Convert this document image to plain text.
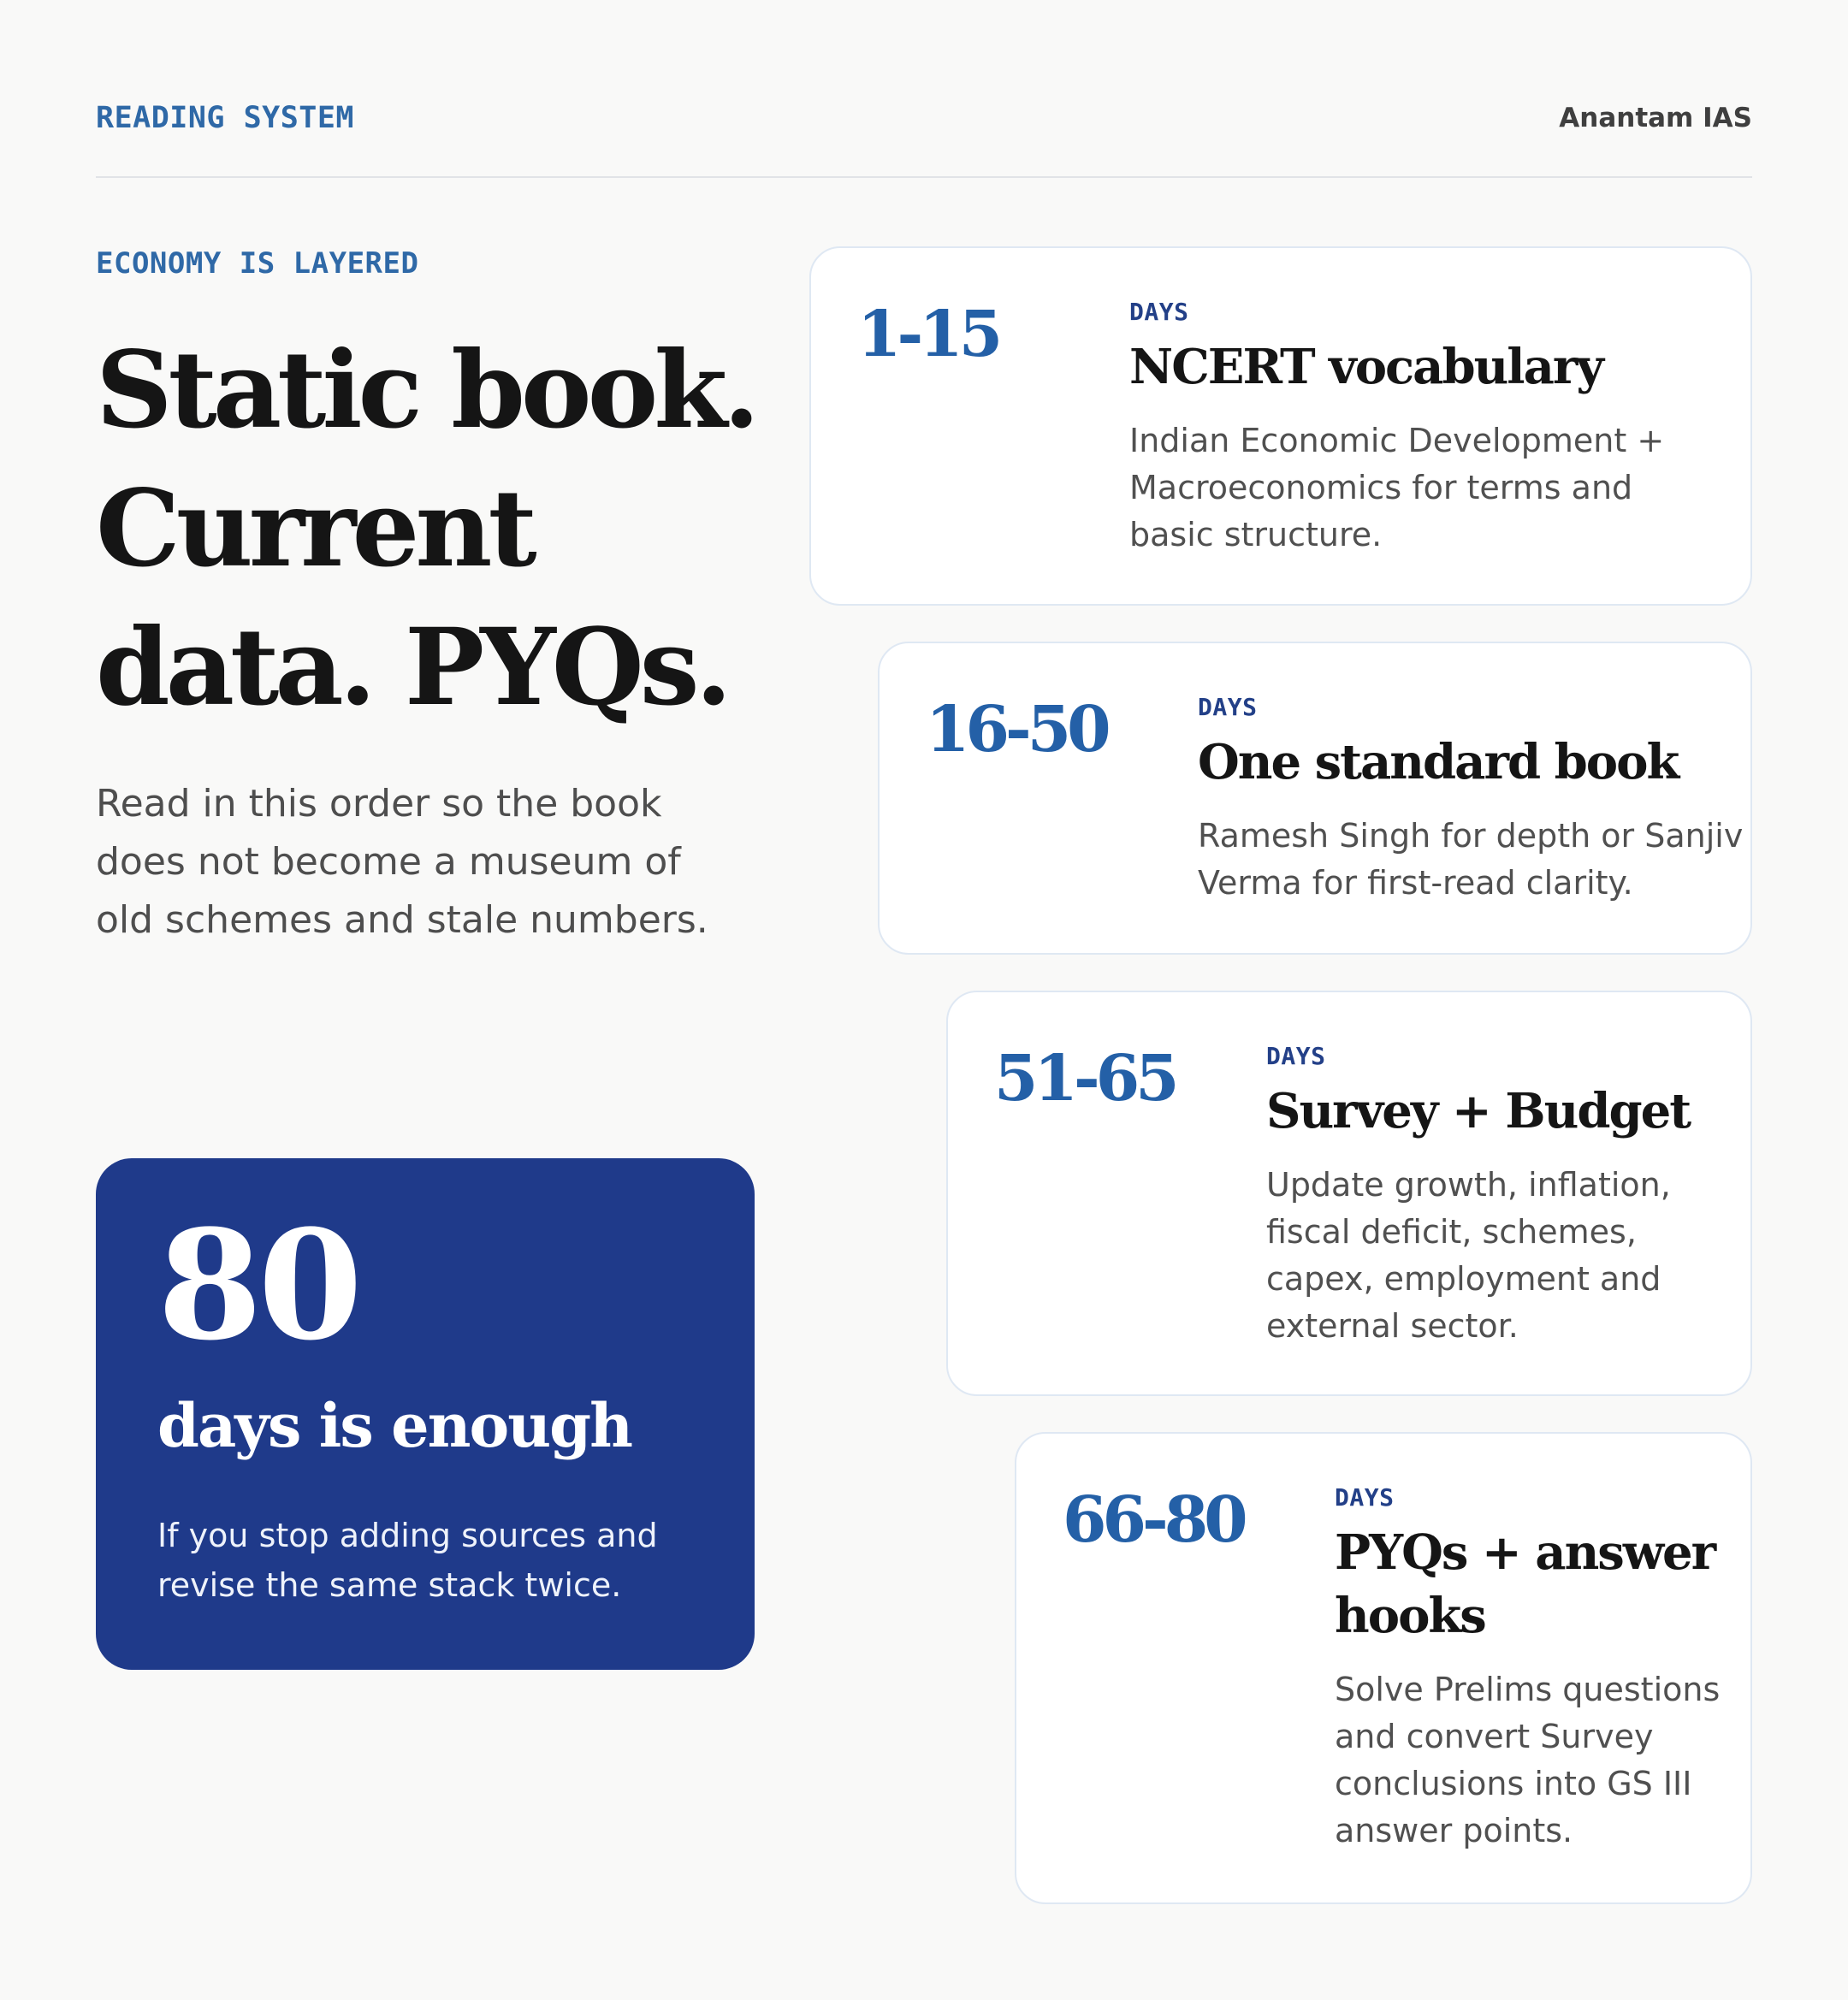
READING SYSTEM	Anantam IAS
ECONOMY IS LAYERED
Static book. Current data. PYQs.
Read in this order so the book does not become a museum of old schemes and stale numbers.
80
days is enough
If you stop adding sources and revise the same stack twice.
1-15	DAYS
NCERT vocabulary
Indian Economic Development + Macroeconomics for terms and basic structure.
16-50	DAYS
One standard book
Ramesh Singh for depth or Sanjiv Verma for first-read clarity.
51-65	DAYS
Survey + Budget
Update growth, inflation, fiscal deficit, schemes, capex, employment and external sector.
66-80	DAYS
PYQs + answer hooks
Solve Prelims questions and convert Survey conclusions into GS III answer points.
